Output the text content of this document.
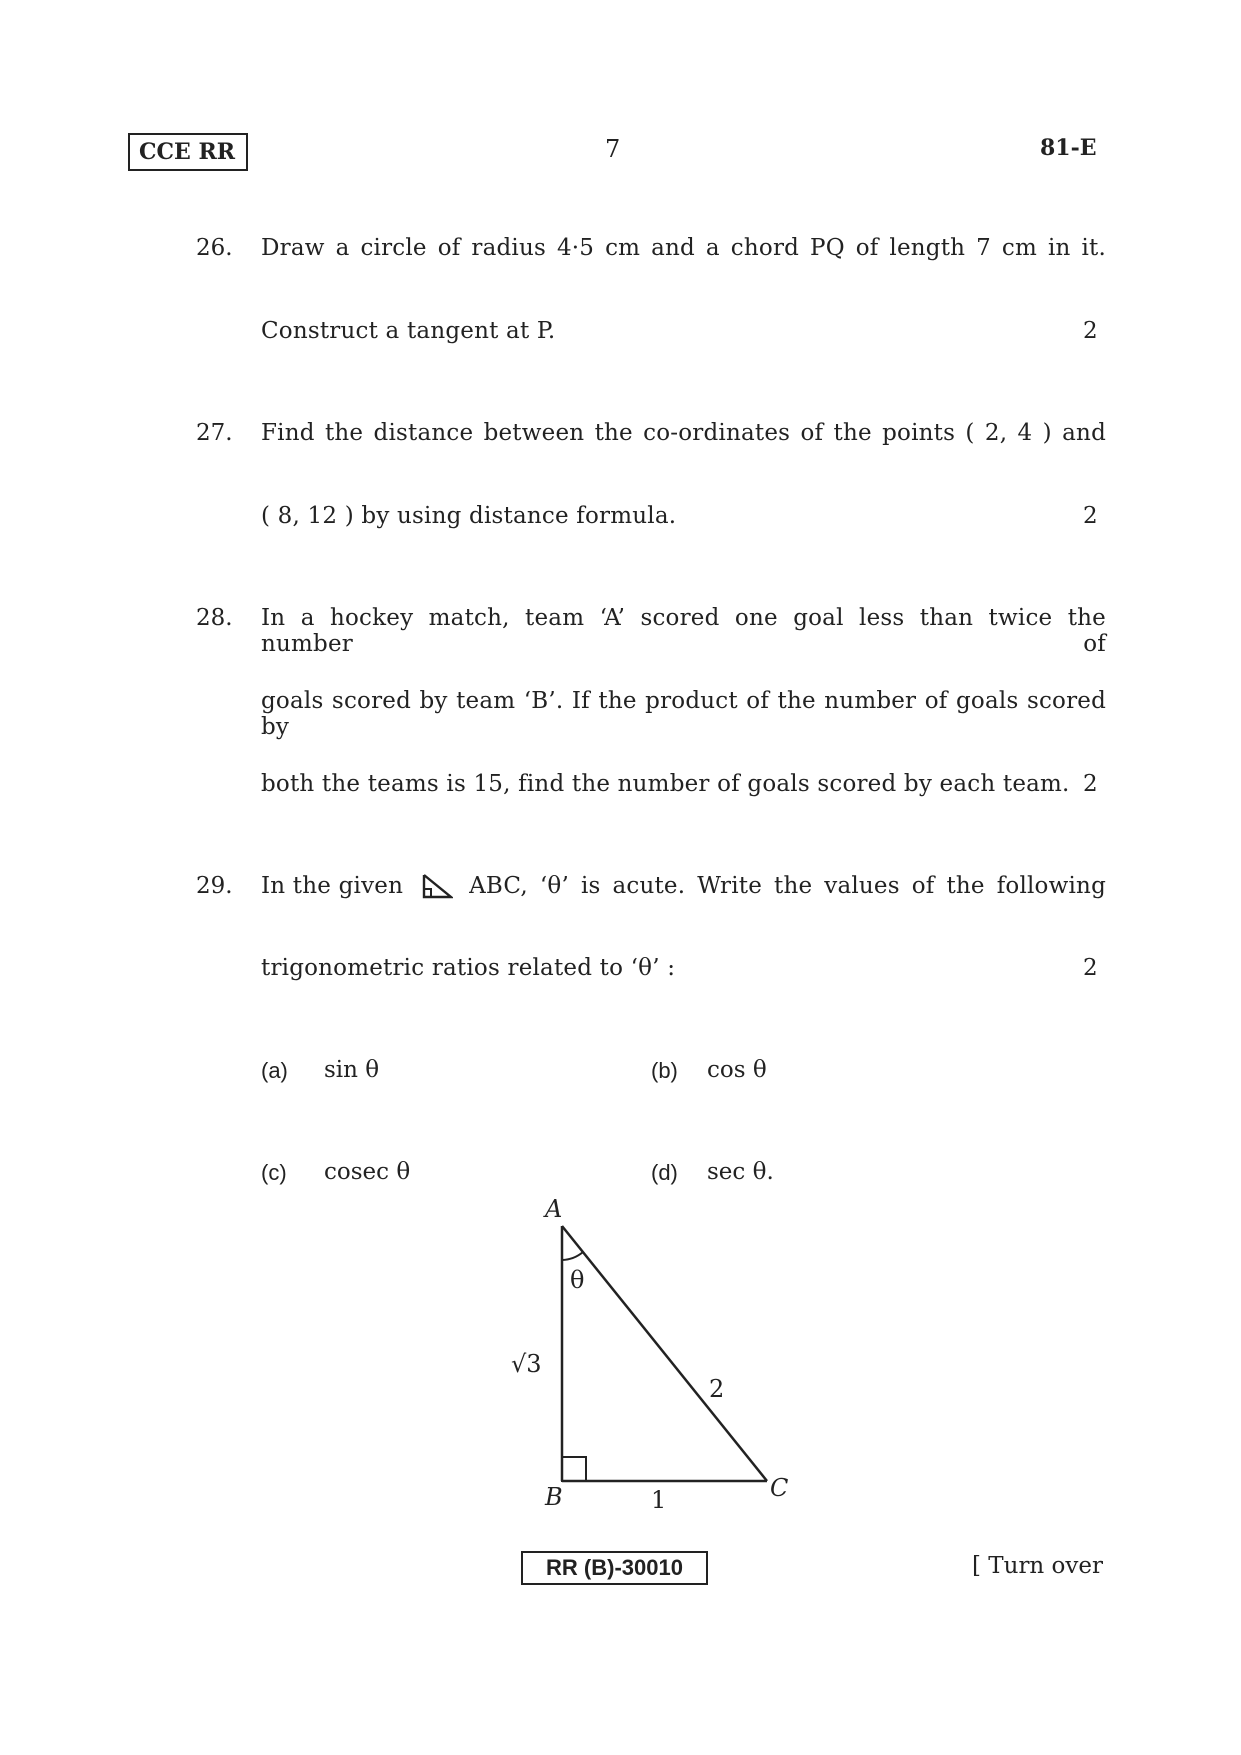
CCE RR	7	81-E
26. Draw a circle of radius 4·5 cm and a chord PQ of length 7 cm in it.
Construct a tangent at P.	2
27. Find the distance between the co-ordinates of the points ( 2, 4 ) and
( 8, 12 ) by using distance formula.	2
28. In a hockey match, team ‘A’ scored one goal less than twice the number of
goals scored by team ‘B’. If the product of the number of goals scored by
both the teams is 15, find the number of goals scored by each team. 2
29. In the given	ABC, ‘θ’ is acute. Write the values of the following
trigonometric ratios related to ‘θ’ :	2
(a) sin θ	(b) cos θ
(c) cosec θ	(d) sec θ.
A
B	C
θ
√3
2
1
RR (B)-30010	[ Turn over
